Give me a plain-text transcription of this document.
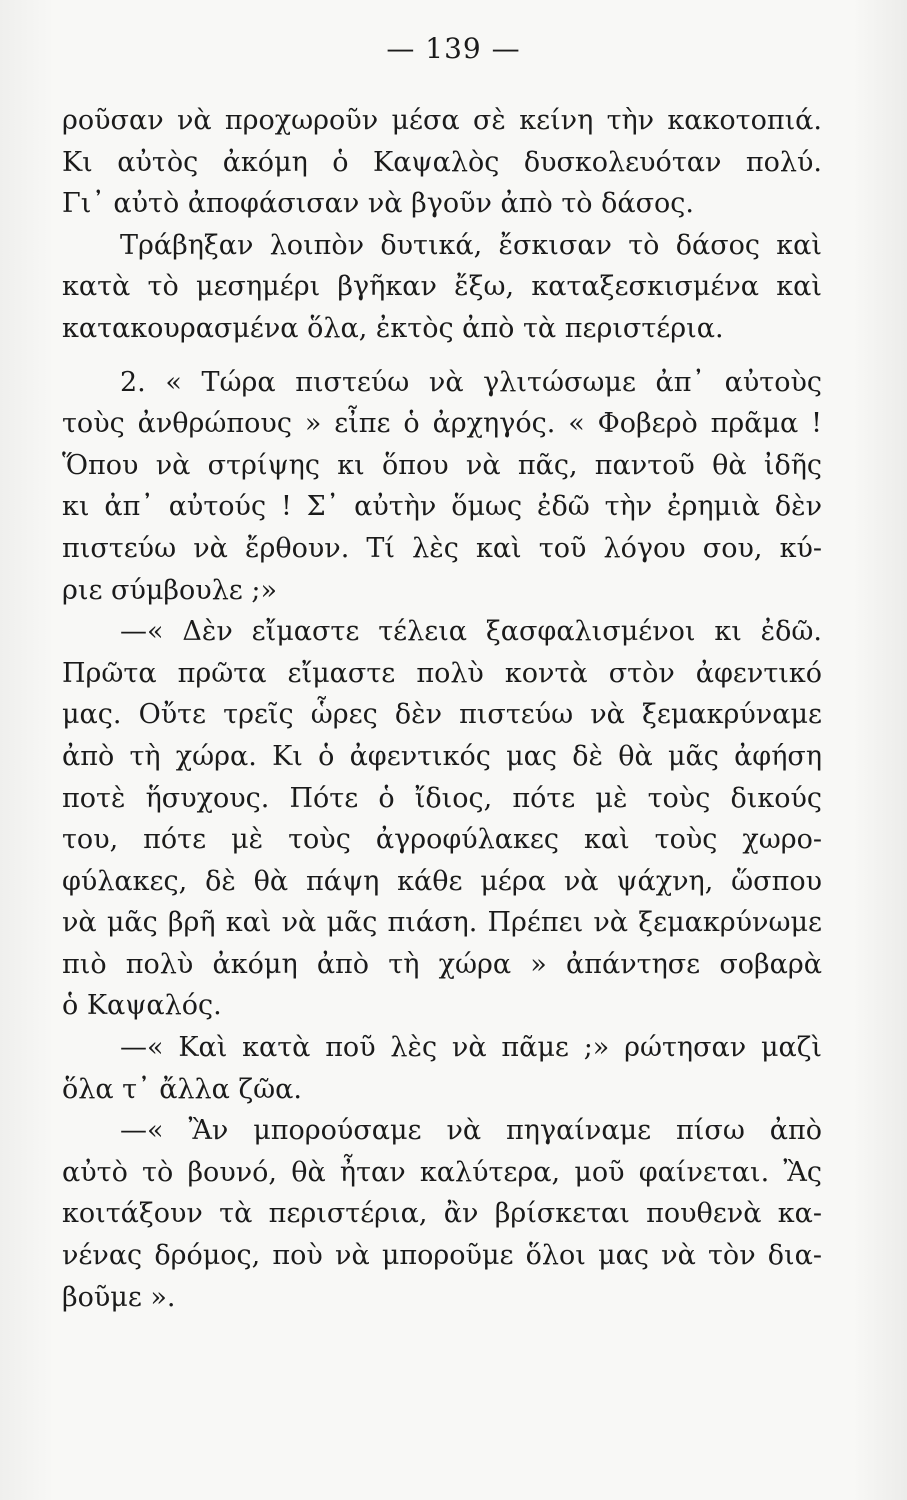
— 139 —
ροῦσαν νὰ προχωροῦν μέσα σὲ κείνη τὴν κακοτοπιά.
Κι αὐτὸς ἀκόμη ὁ Καψαλὸς δυσκολευόταν πολύ.
Γι᾽ αὐτὸ ἀποφάσισαν νὰ βγοῦν ἀπὸ τὸ δάσος.
Τράβηξαν λοιπὸν δυτικά, ἔσκισαν τὸ δάσος καὶ
κατὰ τὸ μεσημέρι βγῆκαν ἔξω, καταξεσκισμένα καὶ
κατακουρασμένα ὅλα, ἐκτὸς ἀπὸ τὰ περιστέρια.
2. « Τώρα πιστεύω νὰ γλιτώσωμε ἀπ᾽ αὐτοὺς
τοὺς ἀνθρώπους » εἶπε ὁ ἀρχηγός. « Φοβερὸ πρᾶμα !
Ὅπου νὰ στρίψης κι ὅπου νὰ πᾶς, παντοῦ θὰ ἰδῆς
κι ἀπ᾽ αὐτούς ! Σ᾽ αὐτὴν ὅμως ἐδῶ τὴν ἐρημιὰ δὲν
πιστεύω νὰ ἔρθουν. Τί λὲς καὶ τοῦ λόγου σου, κύ-
ριε σύμβουλε ;»
—« Δὲν εἴμαστε τέλεια ξασφαλισμένοι κι ἐδῶ.
Πρῶτα πρῶτα εἴμαστε πολὺ κοντὰ στὸν ἀφεντικό
μας. Οὔτε τρεῖς ὧρες δὲν πιστεύω νὰ ξεμακρύναμε
ἀπὸ τὴ χώρα. Κι ὁ ἀφεντικός μας δὲ θὰ μᾶς ἀφήση
ποτὲ ἥσυχους. Πότε ὁ ἴδιος, πότε μὲ τοὺς δικούς
του, πότε μὲ τοὺς ἀγροφύλακες καὶ τοὺς χωρο-
φύλακες, δὲ θὰ πάψη κάθε μέρα νὰ ψάχνη, ὥσπου
νὰ μᾶς βρῆ καὶ νὰ μᾶς πιάση. Πρέπει νὰ ξεμακρύνωμε
πιὸ πολὺ ἀκόμη ἀπὸ τὴ χώρα » ἀπάντησε σοβαρὰ
ὁ Καψαλός.
—« Καὶ κατὰ ποῦ λὲς νὰ πᾶμε ;» ρώτησαν μαζὶ
ὅλα τ᾽ ἄλλα ζῶα.
—« Ἂν μπορούσαμε νὰ πηγαίναμε πίσω ἀπὸ
αὐτὸ τὸ βουνό, θὰ ἦταν καλύτερα, μοῦ φαίνεται. Ἂς
κοιτάξουν τὰ περιστέρια, ἂν βρίσκεται πουθενὰ κα-
νένας δρόμος, ποὺ νὰ μποροῦμε ὅλοι μας νὰ τὸν δια-
βοῦμε ».
